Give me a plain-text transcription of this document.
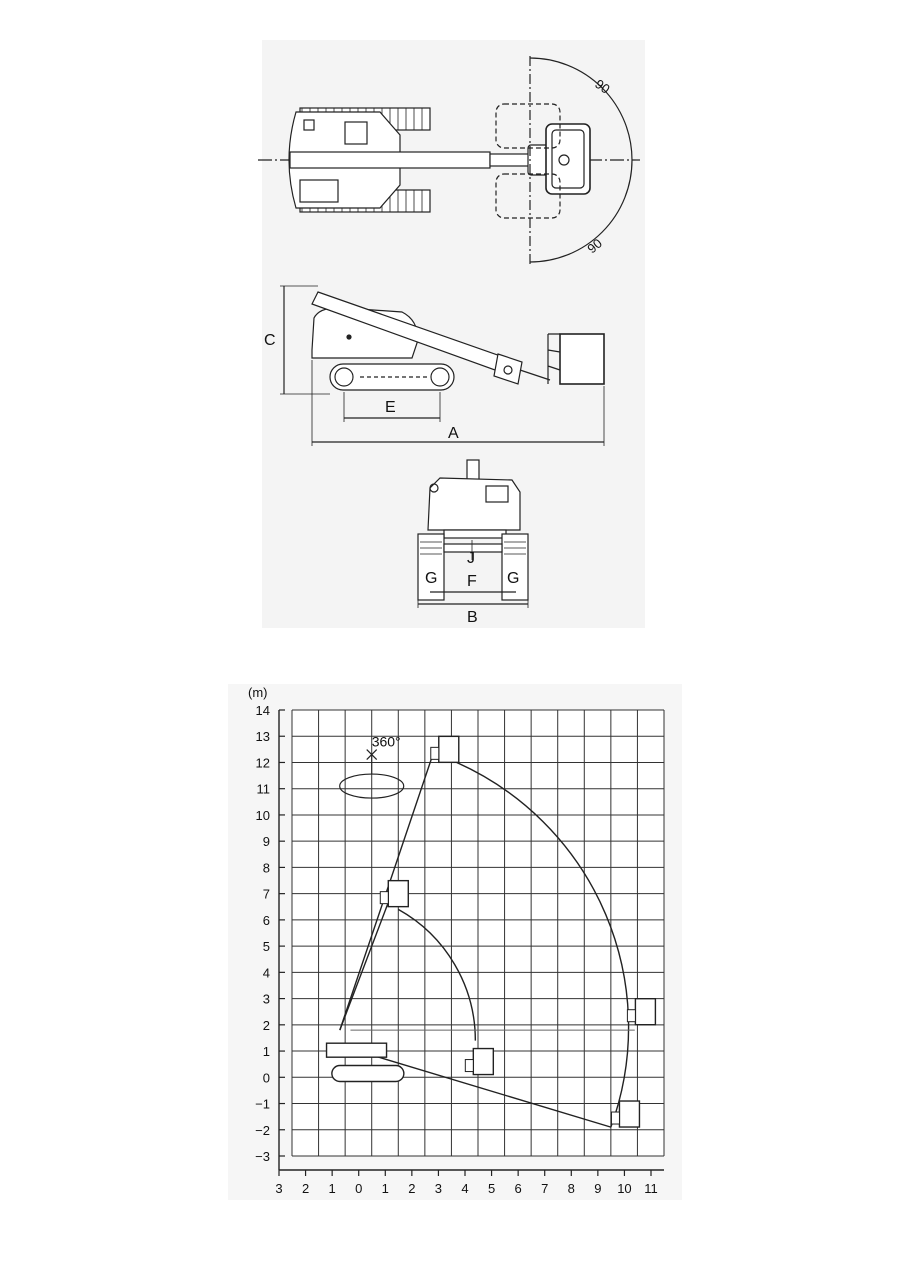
90
90
C
E
A
J
G	G
F
B
14
13
12
11
10
9
8
7
6
5
4
3
2
1
0
−1
−2
−3
3 2 1 0 1 2 3 4 5 6 7 8 9 10 11
(m)
360°
